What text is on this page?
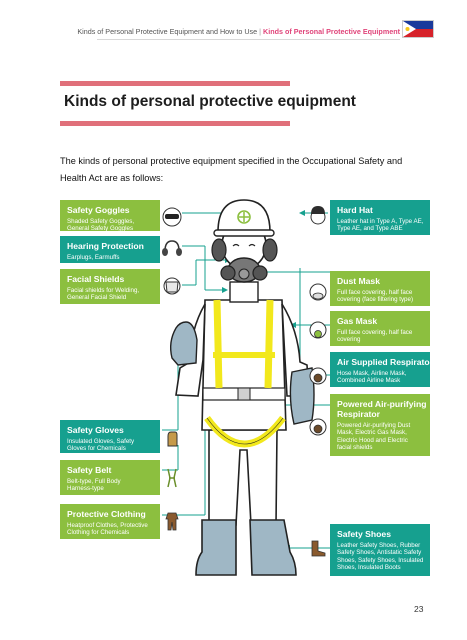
Kinds of Personal Protective Equipment and How to Use | Kinds of Personal Protective Equipment
Kinds of personal protective equipment
The kinds of personal protective equipment specified in the Occupational Safety and Health Act are as follows:
Safety Goggles
Shaded Safety Goggles,
General Safety Goggles
Hearing Protection
Earplugs, Earmuffs
Facial Shields
Facial shields for Welding,
General Facial Shield
Safety Gloves
Insulated Gloves, Safety
Gloves for Chemicals
Safety Belt
Belt-type, Full Body
Harness-type
Protective Clothing
Heatproof Clothes, Protective
Clothing for Chemicals
Hard Hat
Leather hat in Type A, Type AE,
Type AE, and Type ABE
Dust Mask
Full face covering, half face
covering (face filtering type)
Gas Mask
Full face covering, half face
covering
Air Supplied Respirator
Hose Mask, Airline Mask,
Combined Airline Mask
Powered Air-purifying
Respirator
Powered Air-purifying Dust
Mask, Electric Gas Mask,
Electric Hood and Electric
facial shields
Safety Shoes
Leather Safety Shoes, Rubber
Safety Shoes, Antistatic Safety
Shoes, Safety Shoes, Insulated
Shoes, Insulated Boots
23
